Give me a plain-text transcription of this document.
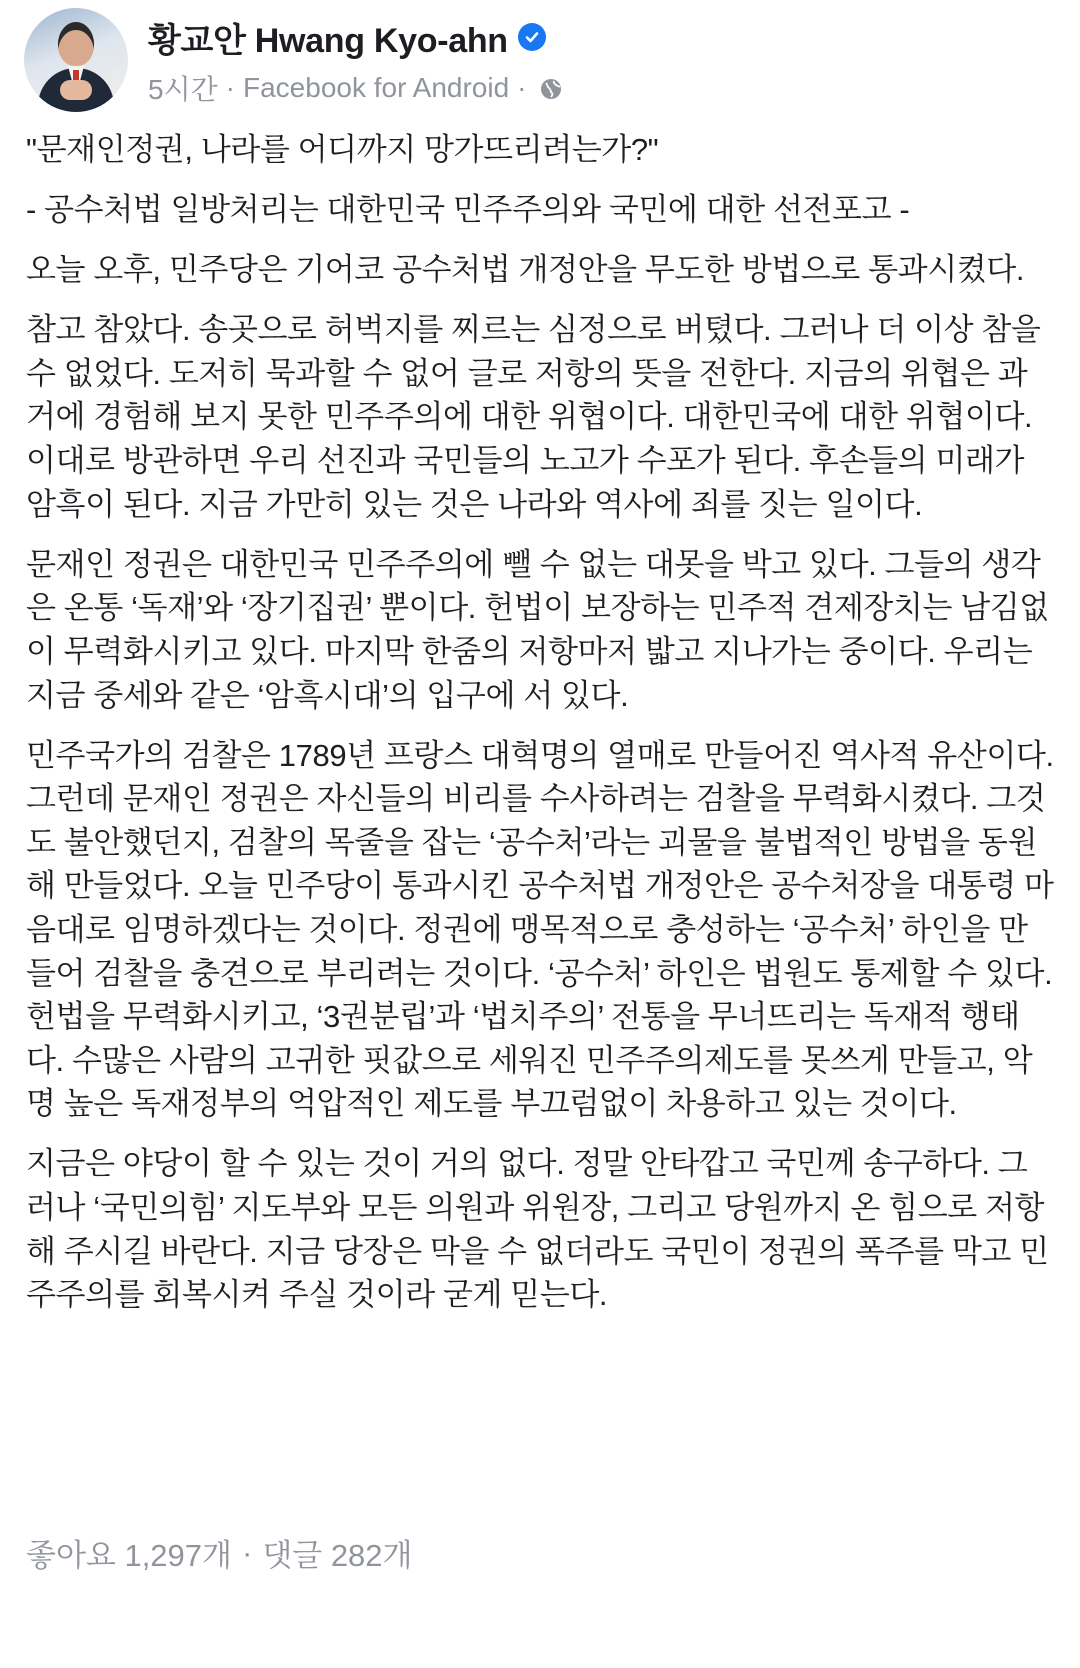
황교안 Hwang Kyo-ahn
5시간 · Facebook for Android ·

"문재인정권, 나라를 어디까지 망가뜨리려는가?"

- 공수처법 일방처리는 대한민국 민주주의와 국민에 대한 선전포고 -

오늘 오후, 민주당은 기어코 공수처법 개정안을 무도한 방법으로 통과시켰다.

참고 참았다. 송곳으로 허벅지를 찌르는 심정으로 버텼다. 그러나 더 이상 참을 수 없었다. 도저히 묵과할 수 없어 글로 저항의 뜻을 전한다. 지금의 위협은 과거에 경험해 보지 못한 민주주의에 대한 위협이다. 대한민국에 대한 위협이다. 이대로 방관하면 우리 선진과 국민들의 노고가 수포가 된다. 후손들의 미래가 암흑이 된다. 지금 가만히 있는 것은 나라와 역사에 죄를 짓는 일이다.

문재인 정권은 대한민국 민주주의에 뺄 수 없는 대못을 박고 있다. 그들의 생각은 온통 ‘독재’와 ‘장기집권’ 뿐이다. 헌법이 보장하는 민주적 견제장치는 남김없이 무력화시키고 있다. 마지막 한줌의 저항마저 밟고 지나가는 중이다. 우리는 지금 중세와 같은 ‘암흑시대’의 입구에 서 있다.

민주국가의 검찰은 1789년 프랑스 대혁명의 열매로 만들어진 역사적 유산이다. 그런데 문재인 정권은 자신들의 비리를 수사하려는 검찰을 무력화시켰다. 그것도 불안했던지, 검찰의 목줄을 잡는 ‘공수처’라는 괴물을 불법적인 방법을 동원해 만들었다. 오늘 민주당이 통과시킨 공수처법 개정안은 공수처장을 대통령 마음대로 임명하겠다는 것이다. 정권에 맹목적으로 충성하는 ‘공수처’ 하인을 만들어 검찰을 충견으로 부리려는 것이다. ‘공수처’ 하인은 법원도 통제할 수 있다. 헌법을 무력화시키고, ‘3권분립’과 ‘법치주의’ 전통을 무너뜨리는 독재적 행태다. 수많은 사람의 고귀한 핏값으로 세워진 민주주의제도를 못쓰게 만들고, 악명 높은 독재정부의 억압적인 제도를 부끄럼없이 차용하고 있는 것이다.

지금은 야당이 할 수 있는 것이 거의 없다. 정말 안타깝고 국민께 송구하다. 그러나 ‘국민의힘’ 지도부와 모든 의원과 위원장, 그리고 당원까지 온 힘으로 저항해 주시길 바란다. 지금 당장은 막을 수 없더라도 국민이 정권의 폭주를 막고 민주주의를 회복시켜 주실 것이라 굳게 믿는다.

좋아요 1,297개 · 댓글 282개
